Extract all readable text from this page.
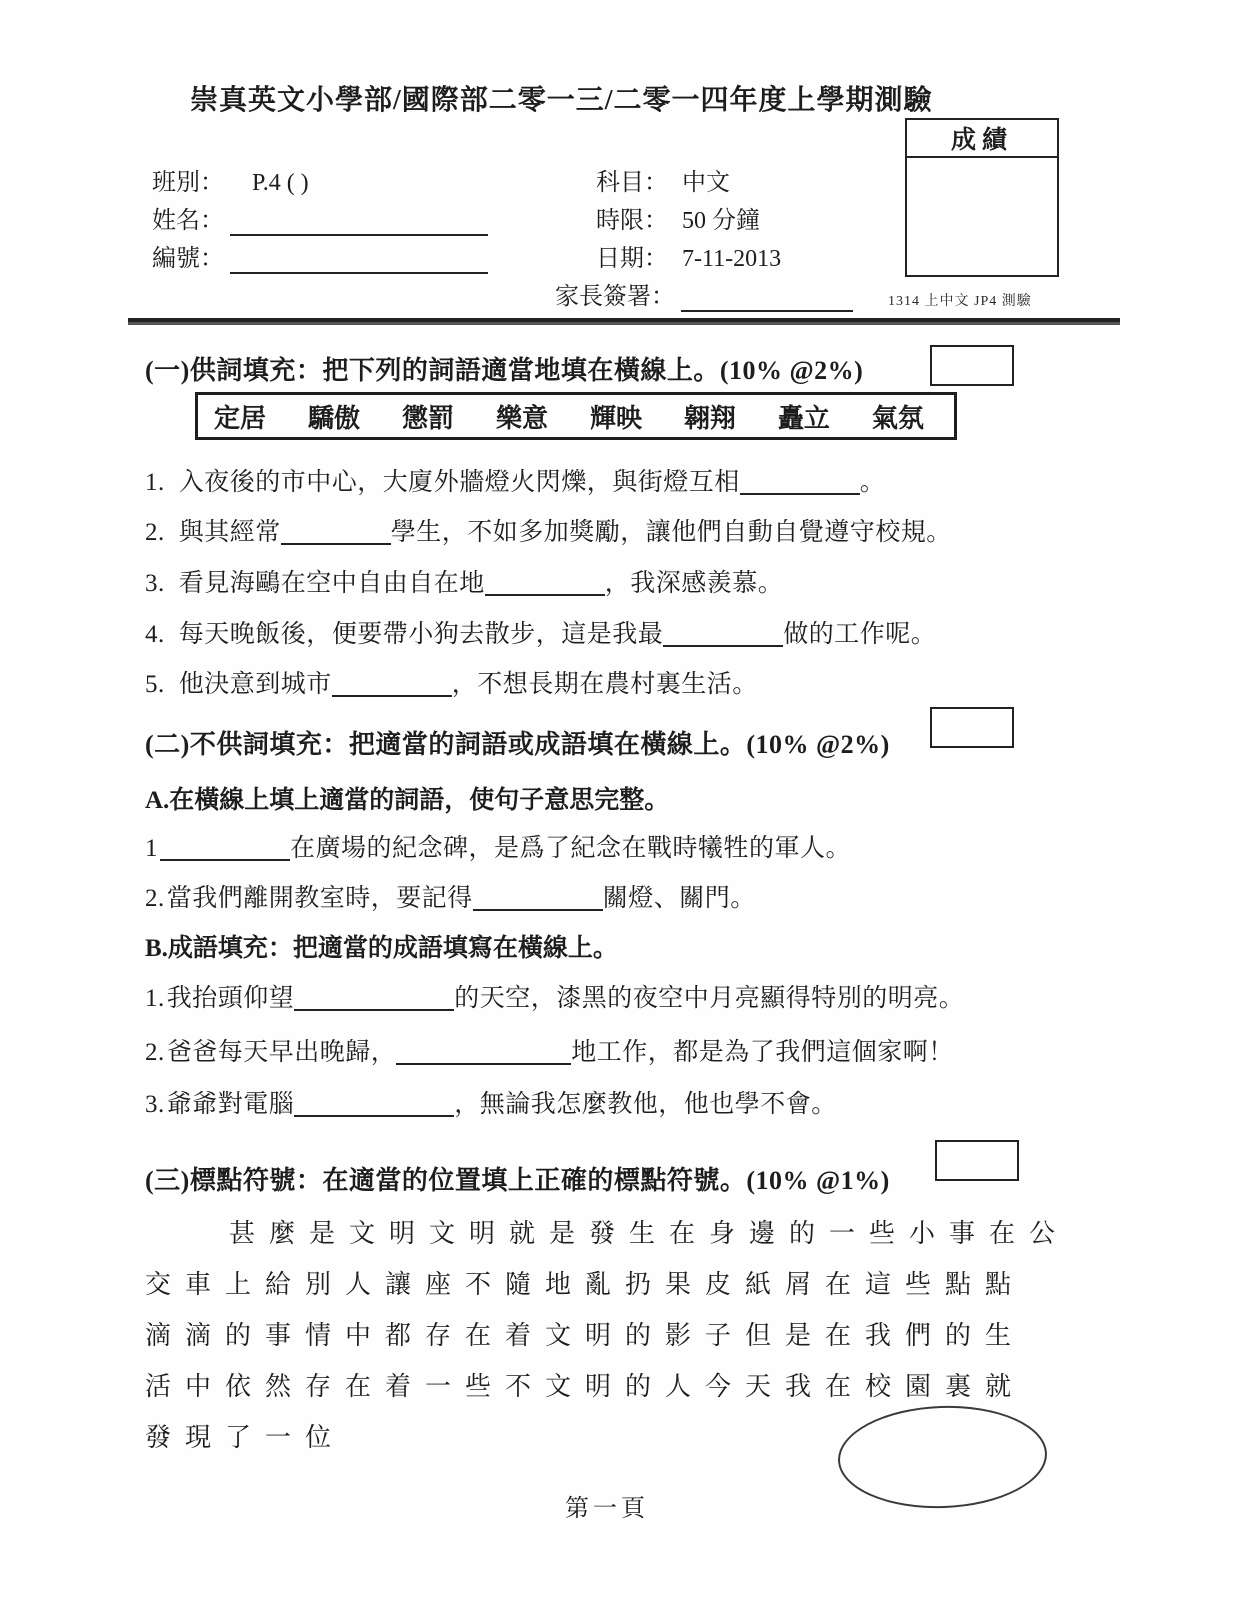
崇真英文小學部/國際部二零一三/二零一四年度上學期測驗
成績
1314 上中文 JP4 測驗
班別： P.4 ( )
姓名：
編號：
科目： 中文
時限： 50 分鐘
日期： 7-11-2013
家長簽署：
(一)供詞填充：把下列的詞語適當地填在橫線上。(10% @2%)
定居 驕傲 懲罰 樂意 輝映 翱翔 矗立 氣氛
1. 入夜後的市中心，大廈外牆燈火閃爍，與街燈互相	。
2. 與其經常	學生，不如多加獎勵，讓他們自動自覺遵守校規。
3. 看見海鷗在空中自由自在地	，我深感羨慕。
4. 每天晚飯後，便要帶小狗去散步，這是我最	做的工作呢。
5. 他決意到城市	，不想長期在農村裏生活。
(二)不供詞填充：把適當的詞語或成語填在橫線上。(10% @2%)
A.在橫線上填上適當的詞語，使句子意思完整。
1	在廣場的紀念碑，是爲了紀念在戰時犧牲的軍人。
2.當我們離開教室時，要記得	關燈、關門。
B.成語填充：把適當的成語填寫在橫線上。
1.我抬頭仰望	的天空，漆黑的夜空中月亮顯得特別的明亮。
2.爸爸每天早出晚歸，	地工作，都是為了我們這個家啊！
3.爺爺對電腦	，無論我怎麼教他，他也學不會。
(三)標點符號：在適當的位置填上正確的標點符號。(10% @1%)
甚麼是文明文明就是發生在身邊的一些小事在公
交車上給別人讓座不隨地亂扔果皮紙屑在這些點點
滴滴的事情中都存在着文明的影子但是在我們的生
活中依然存在着一些不文明的人今天我在校園裏就
發現了一位
第一頁
